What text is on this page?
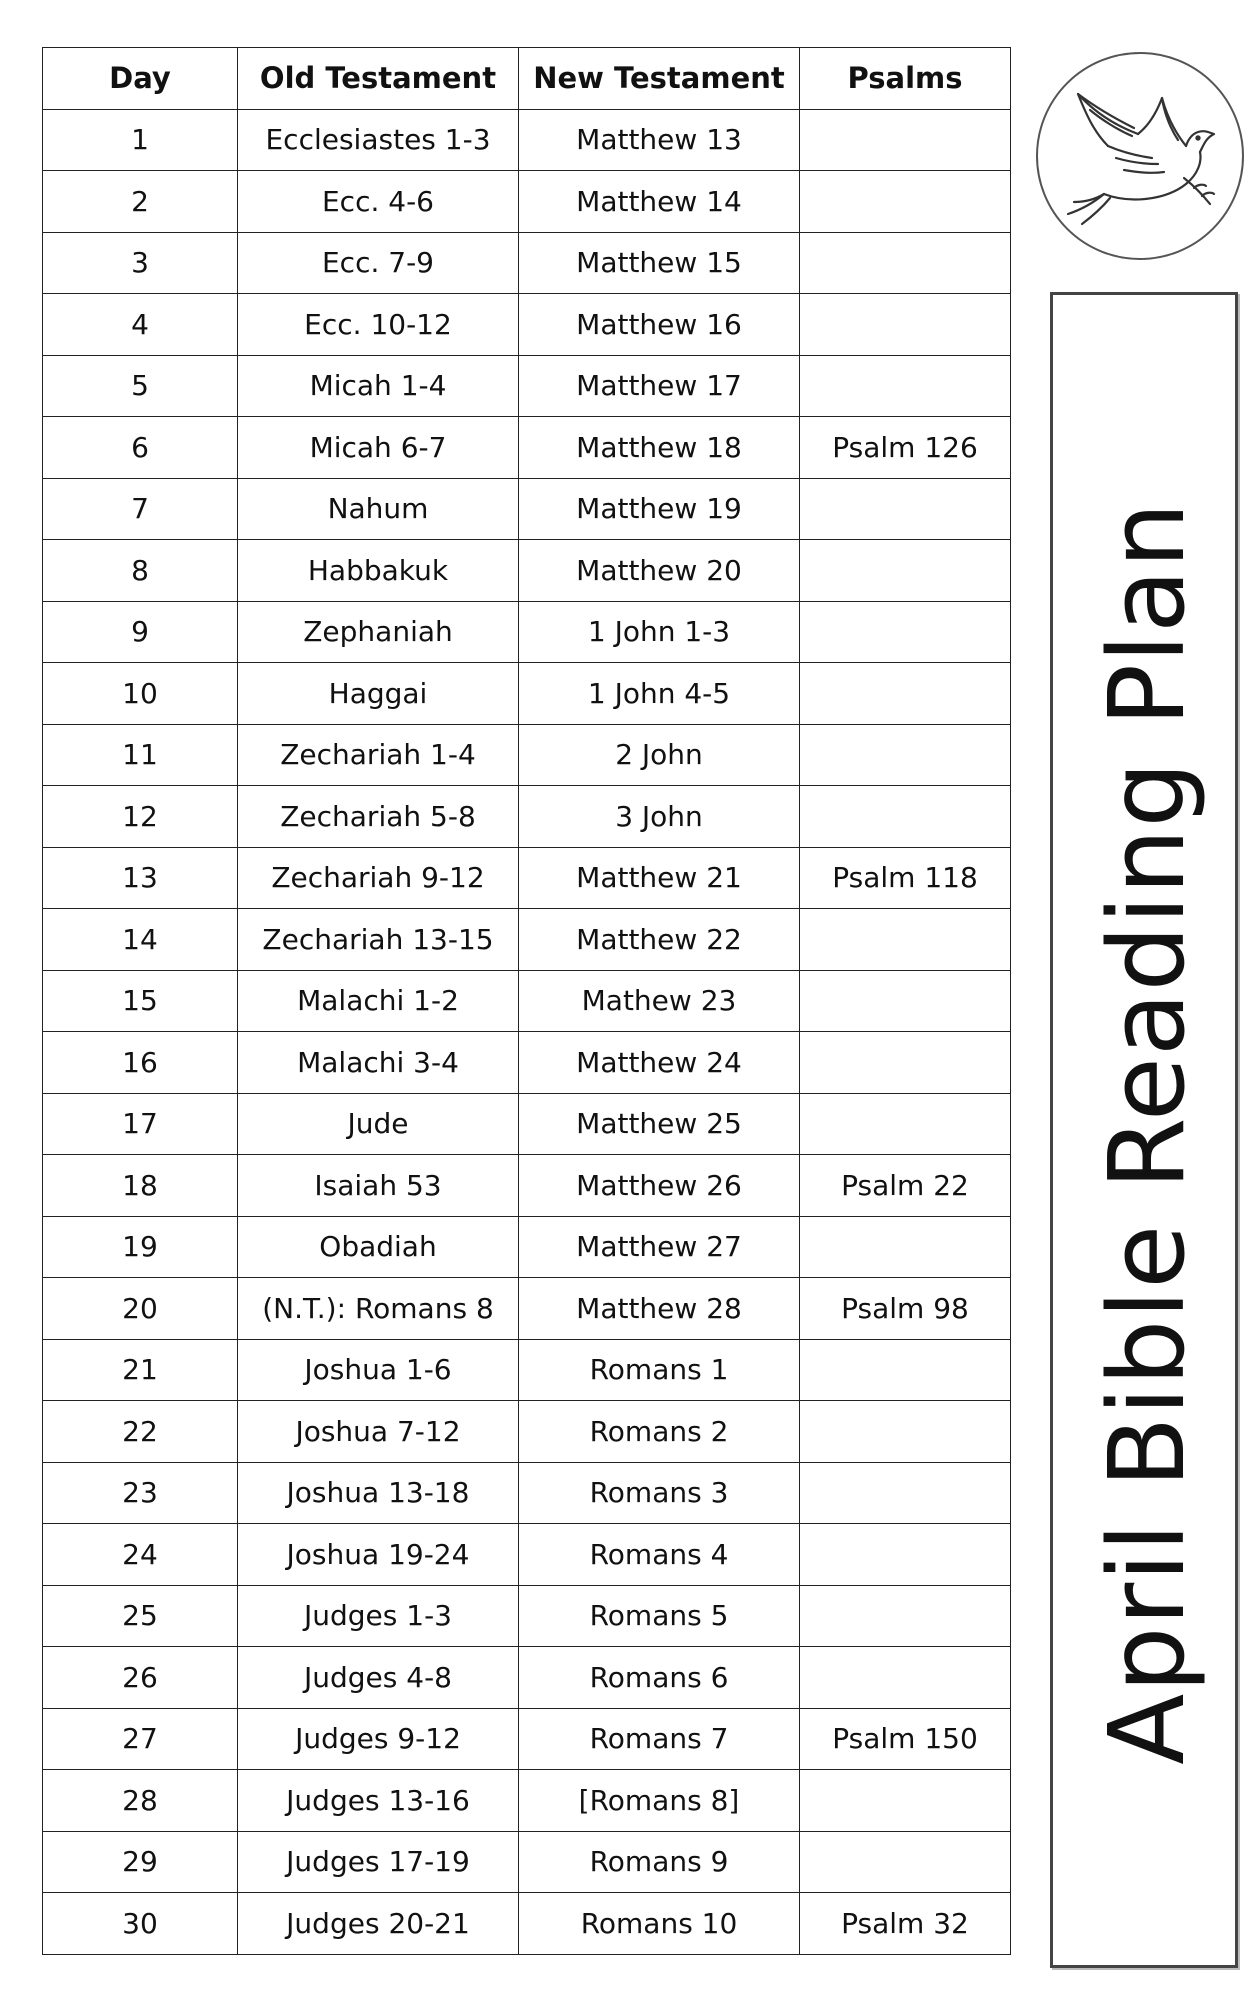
Day	Old Testament	New Testament	Psalms
1	Ecclesiastes 1-3	Matthew 13	
2	Ecc. 4-6	Matthew 14	
3	Ecc. 7-9	Matthew 15	
4	Ecc. 10-12	Matthew 16	
5	Micah 1-4	Matthew 17	
6	Micah 6-7	Matthew 18	Psalm 126
7	Nahum	Matthew 19	
8	Habbakuk	Matthew 20	
9	Zephaniah	1 John 1-3	
10	Haggai	1 John 4-5	
11	Zechariah 1-4	2 John	
12	Zechariah 5-8	3 John	
13	Zechariah 9-12	Matthew 21	Psalm 118
14	Zechariah 13-15	Matthew 22	
15	Malachi 1-2	Mathew 23	
16	Malachi 3-4	Matthew 24	
17	Jude	Matthew 25	
18	Isaiah 53	Matthew 26	Psalm 22
19	Obadiah	Matthew 27	
20	(N.T.): Romans 8	Matthew 28	Psalm 98
21	Joshua 1-6	Romans 1	
22	Joshua 7-12	Romans 2	
23	Joshua 13-18	Romans 3	
24	Joshua 19-24	Romans 4	
25	Judges 1-3	Romans 5	
26	Judges 4-8	Romans 6	
27	Judges 9-12	Romans 7	Psalm 150
28	Judges 13-16	[Romans 8]	
29	Judges 17-19	Romans 9	
30	Judges 20-21	Romans 10	Psalm 32
April Bible Reading Plan
